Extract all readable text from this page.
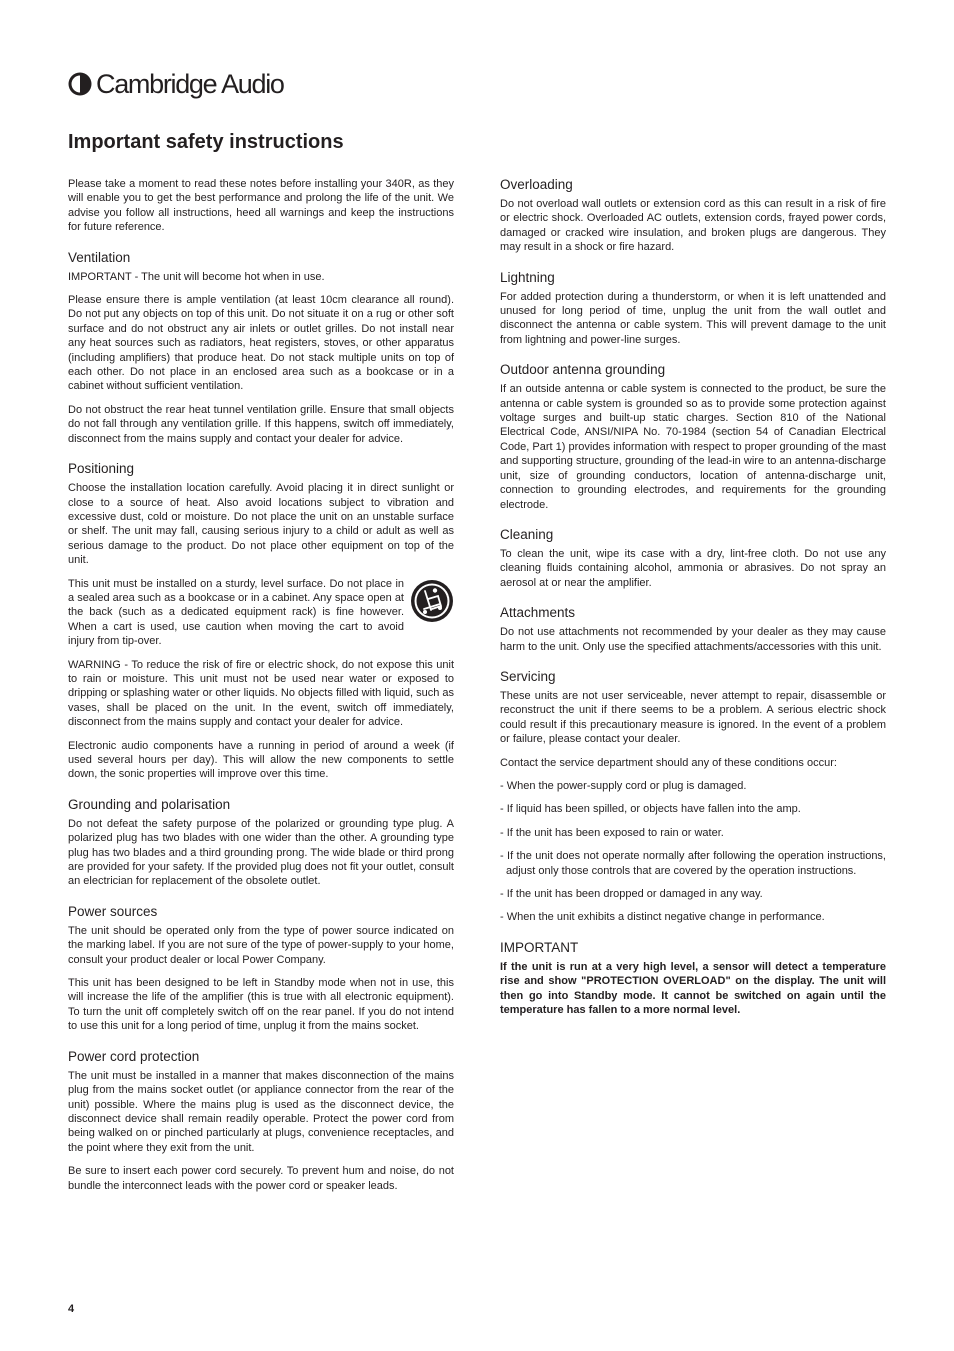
Cambridge Audio
Important safety instructions

Please take a moment to read these notes before installing your 340R, as they will enable you to get the best performance and prolong the life of the unit. We advise you follow all instructions, heed all warnings and keep the instructions for future reference.

Ventilation

IMPORTANT - The unit will become hot when in use.

Please ensure there is ample ventilation (at least 10cm clearance all round). Do not put any objects on top of this unit. Do not situate it on a rug or other soft surface and do not obstruct any air inlets or outlet grilles. Do not install near any heat sources such as radiators, heat registers, stoves, or other apparatus (including amplifiers) that produce heat. Do not stack multiple units on top of each other. Do not place in an enclosed area such as a bookcase or in a cabinet without sufficient ventilation.

Do not obstruct the rear heat tunnel ventilation grille. Ensure that small objects do not fall through any ventilation grille. If this happens, switch off immediately, disconnect from the mains supply and contact your dealer for advice.

Positioning

Choose the installation location carefully. Avoid placing it in direct sunlight or close to a source of heat. Also avoid locations subject to vibration and excessive dust, cold or moisture. Do not place the unit on an unstable surface or shelf. The unit may fall, causing serious injury to a child or adult as well as serious damage to the product. Do not place other equipment on top of the unit.

This unit must be installed on a sturdy, level surface. Do not place in a sealed area such as a bookcase or in a cabinet. Any space open at the back (such as a dedicated equipment rack) is fine however. When a cart is used, use caution when moving the cart to avoid injury from tip-over.

WARNING - To reduce the risk of fire or electric shock, do not expose this unit to rain or moisture. This unit must not be used near water or exposed to dripping or splashing water or other liquids. No objects filled with liquid, such as vases, shall be placed on the unit. In the event, switch off immediately, disconnect from the mains supply and contact your dealer for advice.

Electronic audio components have a running in period of around a week (if used several hours per day). This will allow the new components to settle down, the sonic properties will improve over this time.

Grounding and polarisation

Do not defeat the safety purpose of the polarized or grounding type plug. A polarized plug has two blades with one wider than the other. A grounding type plug has two blades and a third grounding prong. The wide blade or third prong are provided for your safety. If the provided plug does not fit your outlet, consult an electrician for replacement of the obsolete outlet.

Power sources

The unit should be operated only from the type of power source indicated on the marking label. If you are not sure of the type of power-supply to your home, consult your product dealer or local Power Company.

This unit has been designed to be left in Standby mode when not in use, this will increase the life of the amplifier (this is true with all electronic equipment). To turn the unit off completely switch off on the rear panel. If you do not intend to use this unit for a long period of time, unplug it from the mains socket.

Power cord protection

The unit must be installed in a manner that makes disconnection of the mains plug from the mains socket outlet (or appliance connector from the rear of the unit) possible. Where the mains plug is used as the disconnect device, the disconnect device shall remain readily operable. Protect the power cord from being walked on or pinched particularly at plugs, convenience receptacles, and the point where they exit from the unit.

Be sure to insert each power cord securely. To prevent hum and noise, do not bundle the interconnect leads with the power cord or speaker leads.

Overloading

Do not overload wall outlets or extension cord as this can result in a risk of fire or electric shock. Overloaded AC outlets, extension cords, frayed power cords, damaged or cracked wire insulation, and broken plugs are dangerous. They may result in a shock or fire hazard.

Lightning

For added protection during a thunderstorm, or when it is left unattended and unused for long period of time, unplug the unit from the wall outlet and disconnect the antenna or cable system. This will prevent damage to the unit from lightning and power-line surges.

Outdoor antenna grounding

If an outside antenna or cable system is connected to the product, be sure the antenna or cable system is grounded so as to provide some protection against voltage surges and built-up static charges. Section 810 of the National Electrical Code, ANSI/NIPA No. 70-1984 (section 54 of Canadian Electrical Code, Part 1) provides information with respect to proper grounding of the mast and supporting structure, grounding of the lead-in wire to an antenna-discharge unit, size of grounding conductors, location of antenna-discharge unit, connection to grounding electrodes, and requirements for the grounding electrode.

Cleaning

To clean the unit, wipe its case with a dry, lint-free cloth. Do not use any cleaning fluids containing alcohol, ammonia or abrasives. Do not spray an aerosol at or near the amplifier.

Attachments

Do not use attachments not recommended by your dealer as they may cause harm to the unit. Only use the specified attachments/accessories with this unit.

Servicing

These units are not user serviceable, never attempt to repair, disassemble or reconstruct the unit if there seems to be a problem. A serious electric shock could result if this precautionary measure is ignored. In the event of a problem or failure, please contact your dealer.

Contact the service department should any of these conditions occur:

- When the power-supply cord or plug is damaged.

- If liquid has been spilled, or objects have fallen into the amp.

- If the unit has been exposed to rain or water.

- If the unit does not operate normally after following the operation instructions, adjust only those controls that are covered by the operation instructions.

- If the unit has been dropped or damaged in any way.

- When the unit exhibits a distinct negative change in performance.

IMPORTANT

If the unit is run at a very high level, a sensor will detect a temperature rise and show "PROTECTION OVERLOAD" on the display. The unit will then go into Standby mode. It cannot be switched on again until the temperature has fallen to a more normal level.

4
